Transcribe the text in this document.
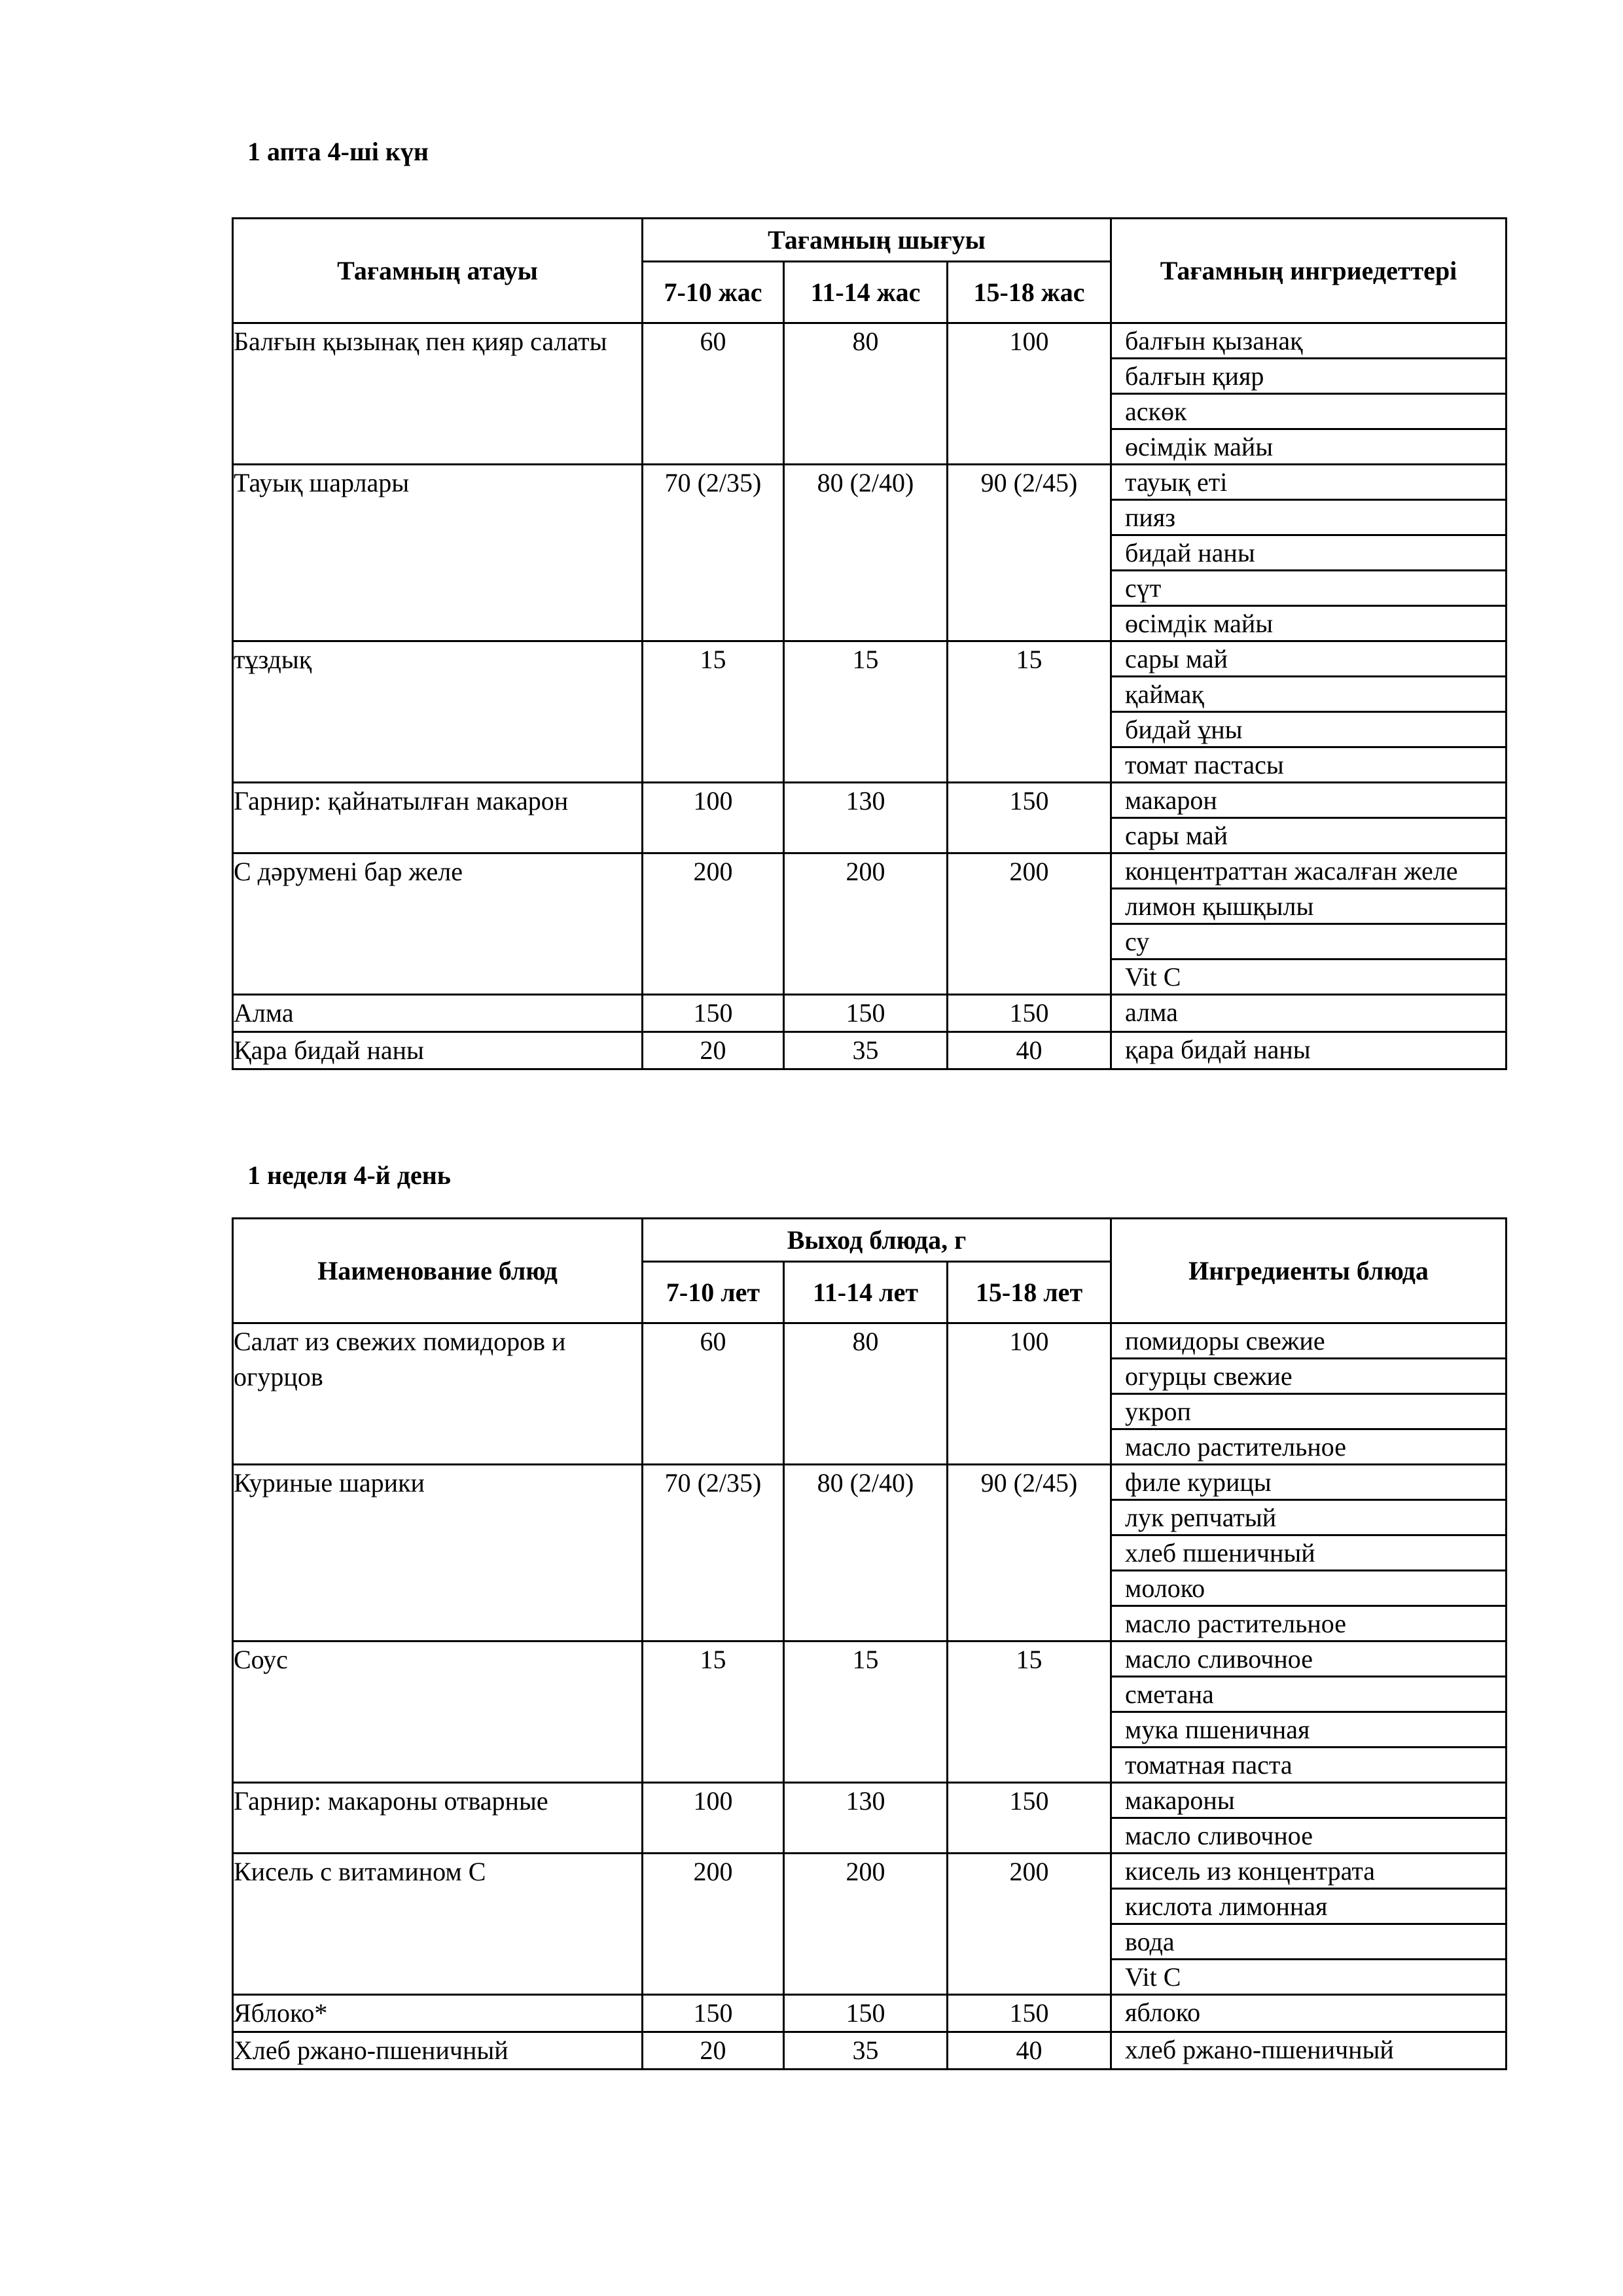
1 апта 4-ші күн
Тағамның атауы	Тағамның шығуы			Тағамның ингриедеттері
	7-10 жас	11-14 жас	15-18 жас	
Балғын қызынақ пен қияр салаты	60	80	100	балғын қызанақ
балғын қияр
аскөк
өсімдік майы

Тауық шарлары	70 (2/35)	80 (2/40)	90 (2/45)	тауық еті
пияз
бидай наны
сүт
өсімдік майы

тұздық	15	15	15	сары май
қаймақ
бидай ұны
томат пастасы

Гарнир: қайнатылған макарон	100	130	150	макарон
сары май

С дәрумені бар желе	200	200	200	концентраттан жасалған желе
лимон қышқылы
су
Vit C

Алма	150	150	150	алма

Қара бидай наны	20	35	40	қара бидай наны
1 неделя 4-й день
Наименование блюд	Выход блюда, г			Ингредиенты блюда
	7-10 лет	11-14 лет	15-18 лет	
Салат из свежих помидоров и огурцов	60	80	100	помидоры свежие
огурцы свежие
укроп
масло растительное

Куриные шарики	70 (2/35)	80 (2/40)	90 (2/45)	филе курицы
лук репчатый
хлеб пшеничный
молоко
масло растительное

Соус	15	15	15	масло сливочное
сметана
мука пшеничная
томатная паста

Гарнир: макароны отварные	100	130	150	макароны
масло сливочное

Кисель с витамином С	200	200	200	кисель из концентрата
кислота лимонная
вода
Vit C

Яблоко*	150	150	150	яблоко

Хлеб ржано-пшеничный	20	35	40	хлеб ржано-пшеничный
